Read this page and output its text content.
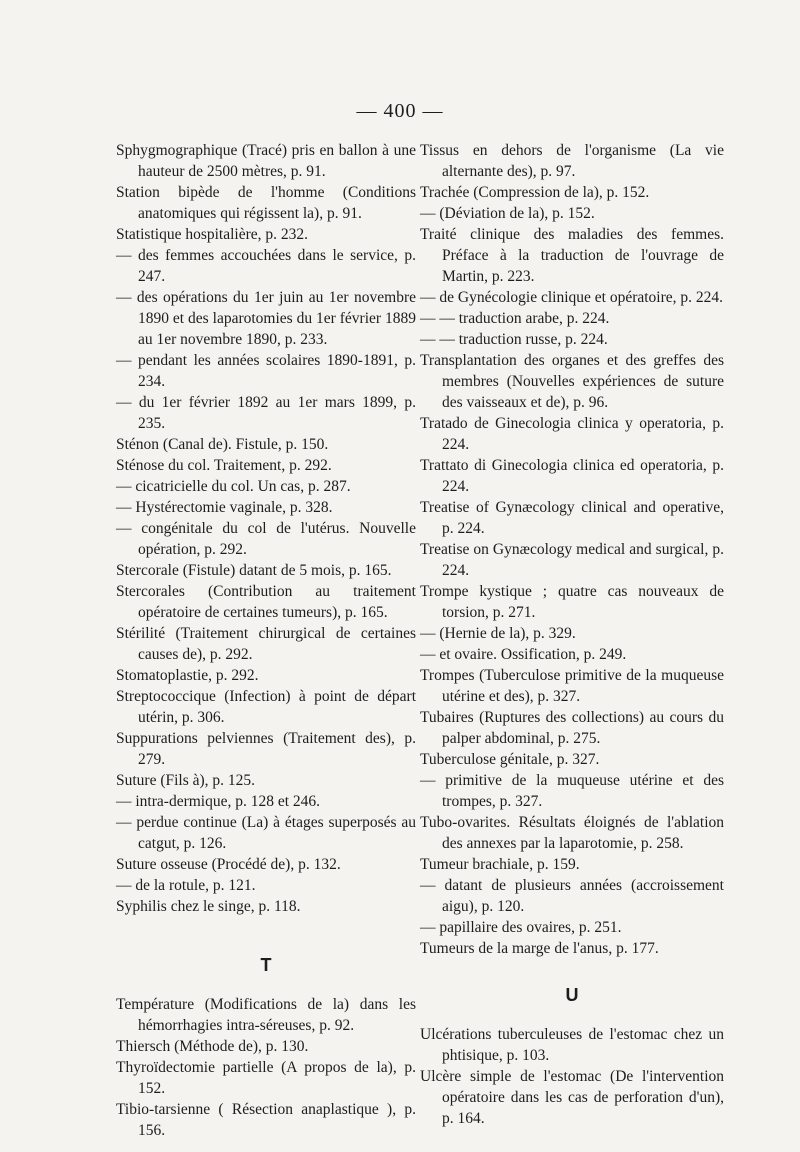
— 400 —

Sphygmographique (Tracé) pris en ballon à une hauteur de 2500 mètres, p. 91.

Station bipède de l'homme (Conditions anatomiques qui régissent la), p. 91.

Statistique hospitalière, p. 232.

— des femmes accouchées dans le service, p. 247.

— des opérations du 1er juin au 1er novembre 1890 et des laparotomies du 1er février 1889 au 1er novembre 1890, p. 233.

— pendant les années scolaires 1890-1891, p. 234.

— du 1er février 1892 au 1er mars 1899, p. 235.

Sténon (Canal de). Fistule, p. 150.

Sténose du col. Traitement, p. 292.

— cicatricielle du col. Un cas, p. 287.

— Hystérectomie vaginale, p. 328.

— congénitale du col de l'utérus. Nouvelle opération, p. 292.

Stercorale (Fistule) datant de 5 mois, p. 165.

Stercorales (Contribution au traitement opératoire de certaines tumeurs), p. 165.

Stérilité (Traitement chirurgical de certaines causes de), p. 292.

Stomatoplastie, p. 292.

Streptococcique (Infection) à point de départ utérin, p. 306.

Suppurations pelviennes (Traitement des), p. 279.

Suture (Fils à), p. 125.

— intra-dermique, p. 128 et 246.

— perdue continue (La) à étages superposés au catgut, p. 126.

Suture osseuse (Procédé de), p. 132.

— de la rotule, p. 121.

Syphilis chez le singe, p. 118.

T

Température (Modifications de la) dans les hémorrhagies intra-séreuses, p. 92.

Thiersch (Méthode de), p. 130.

Thyroïdectomie partielle (A propos de la), p. 152.

Tibio-tarsienne ( Résection anaplastique ), p. 156.

Tissus en dehors de l'organisme (La vie alternante des), p. 97.

Trachée (Compression de la), p. 152.

— (Déviation de la), p. 152.

Traité clinique des maladies des femmes. Préface à la traduction de l'ouvrage de Martin, p. 223.

— de Gynécologie clinique et opératoire, p. 224.

— — traduction arabe, p. 224.

— — traduction russe, p. 224.

Transplantation des organes et des greffes des membres (Nouvelles expériences de suture des vaisseaux et de), p. 96.

Tratado de Ginecologia clinica y operatoria, p. 224.

Trattato di Ginecologia clinica ed operatoria, p. 224.

Treatise of Gynæcology clinical and operative, p. 224.

Treatise on Gynæcology medical and surgical, p. 224.

Trompe kystique ; quatre cas nouveaux de torsion, p. 271.

— (Hernie de la), p. 329.

— et ovaire. Ossification, p. 249.

Trompes (Tuberculose primitive de la muqueuse utérine et des), p. 327.

Tubaires (Ruptures des collections) au cours du palper abdominal, p. 275.

Tuberculose génitale, p. 327.

— primitive de la muqueuse utérine et des trompes, p. 327.

Tubo-ovarites. Résultats éloignés de l'ablation des annexes par la laparotomie, p. 258.

Tumeur brachiale, p. 159.

— datant de plusieurs années (accroissement aigu), p. 120.

— papillaire des ovaires, p. 251.

Tumeurs de la marge de l'anus, p. 177.

U

Ulcérations tuberculeuses de l'estomac chez un phtisique, p. 103.

Ulcère simple de l'estomac (De l'intervention opératoire dans les cas de perforation d'un), p. 164.
